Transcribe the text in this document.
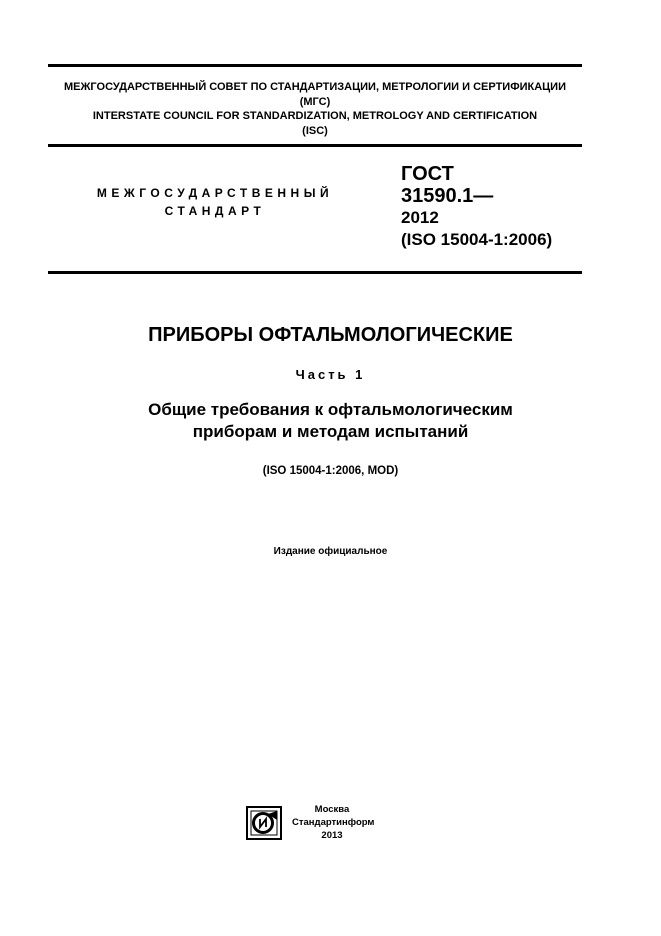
МЕЖГОСУДАРСТВЕННЫЙ СОВЕТ ПО СТАНДАРТИЗАЦИИ, МЕТРОЛОГИИ И СЕРТИФИКАЦИИ
(МГС)
INTERSTATE COUNCIL FOR STANDARDIZATION, METROLOGY AND CERTIFICATION
(ISC)
МЕЖГОСУДАРСТВЕННЫЙ
СТАНДАРТ
ГОСТ
31590.1—
2012
(ISO 15004-1:2006)
ПРИБОРЫ ОФТАЛЬМОЛОГИЧЕСКИЕ
Часть 1
Общие требования к офтальмологическим
приборам и методам испытаний
(ISO 15004-1:2006, MOD)
Издание официальное
Москва
Стандартинформ
2013
